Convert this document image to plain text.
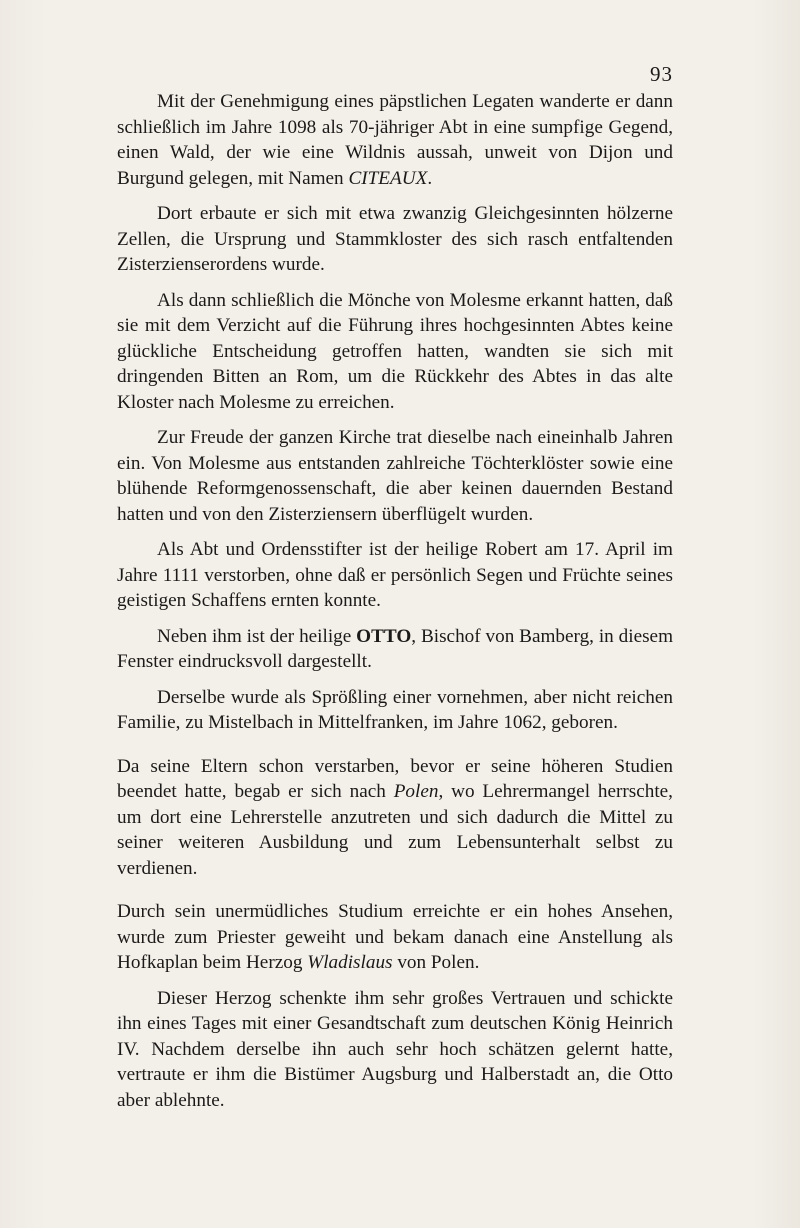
93

Mit der Genehmigung eines päpstlichen Legaten wanderte er dann schließlich im Jahre 1098 als 70-jähriger Abt in eine sumpfige Gegend, einen Wald, der wie eine Wildnis aussah, unweit von Dijon und Burgund gelegen, mit Namen CITEAUX.

Dort erbaute er sich mit etwa zwanzig Gleichgesinnten hölzerne Zellen, die Ursprung und Stammkloster des sich rasch entfaltenden Zisterzienserordens wurde.

Als dann schließlich die Mönche von Molesme erkannt hatten, daß sie mit dem Verzicht auf die Führung ihres hochgesinnten Abtes keine glückliche Entscheidung getroffen hatten, wandten sie sich mit dringenden Bitten an Rom, um die Rückkehr des Abtes in das alte Kloster nach Molesme zu erreichen.

Zur Freude der ganzen Kirche trat dieselbe nach eineinhalb Jahren ein. Von Molesme aus entstanden zahlreiche Töchterklöster sowie eine blühende Reformgenossenschaft, die aber keinen dauernden Bestand hatten und von den Zisterziensern überflügelt wurden.

Als Abt und Ordensstifter ist der heilige Robert am 17. April im Jahre 1111 verstorben, ohne daß er persönlich Segen und Früchte seines geistigen Schaffens ernten konnte.

Neben ihm ist der heilige OTTO, Bischof von Bamberg, in diesem Fenster eindrucksvoll dargestellt.

Derselbe wurde als Sprößling einer vornehmen, aber nicht reichen Familie, zu Mistelbach in Mittelfranken, im Jahre 1062, geboren.

Da seine Eltern schon verstarben, bevor er seine höheren Studien beendet hatte, begab er sich nach Polen, wo Lehrermangel herrschte, um dort eine Lehrerstelle anzutreten und sich dadurch die Mittel zu seiner weiteren Ausbildung und zum Lebensunterhalt selbst zu verdienen.

Durch sein unermüdliches Studium erreichte er ein hohes Ansehen, wurde zum Priester geweiht und bekam danach eine Anstellung als Hofkaplan beim Herzog Wladislaus von Polen.

Dieser Herzog schenkte ihm sehr großes Vertrauen und schickte ihn eines Tages mit einer Gesandtschaft zum deutschen König Heinrich IV. Nachdem derselbe ihn auch sehr hoch schätzen gelernt hatte, vertraute er ihm die Bistümer Augsburg und Halberstadt an, die Otto aber ablehnte.
